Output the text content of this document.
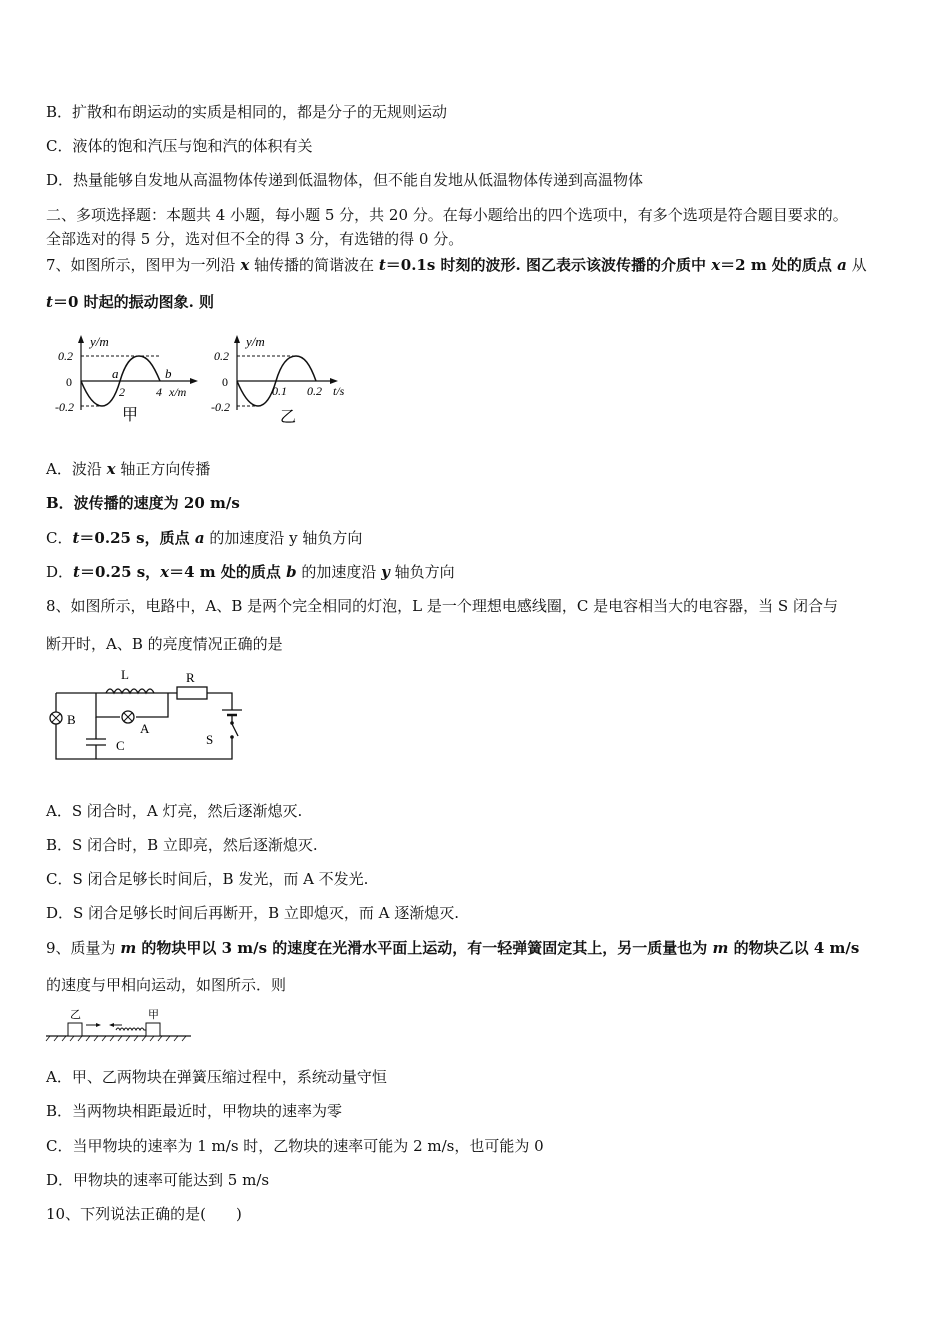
B．扩散和布朗运动的实质是相同的，都是分子的无规则运动
C．液体的饱和汽压与饱和汽的体积有关
D．热量能够自发地从高温物体传递到低温物体，但不能自发地从低温物体传递到高温物体
二、多项选择题：本题共 4 小题，每小题 5 分，共 20 分。在每小题给出的四个选项中，有多个选项是符合题目要求的。
全部选对的得 5 分，选对但不全的得 3 分，有选错的得 0 分。
7、如图所示，图甲为一列沿 x 轴传播的简谐波在 t＝0.1s 时刻的波形. 图乙表示该波传播的介质中 x＝2 m 处的质点 a 从
t＝0 时起的振动图象. 则
y/m
0.2
0
-0.2
a	b
2	4 x/m
甲
y/m
0.2
0
-0.2
0.1 0.2 t/s
乙
A．波沿 x 轴正方向传播
B．波传播的速度为 20 m/s
C．t＝0.25 s，质点 a 的加速度沿 y 轴负方向
D．t＝0.25 s，x＝4 m 处的质点 b 的加速度沿 y 轴负方向
8、如图所示，电路中，A、B 是两个完全相同的灯泡，L 是一个理想电感线圈，C 是电容相当大的电容器，当 S 闭合与
断开时，A、B 的亮度情况正确的是
L	R
A
B
C	S
A．S 闭合时，A 灯亮，然后逐渐熄灭.
B．S 闭合时，B 立即亮，然后逐渐熄灭.
C．S 闭合足够长时间后，B 发光，而 A 不发光.
D．S 闭合足够长时间后再断开，B 立即熄灭，而 A 逐渐熄灭.
9、质量为 m 的物块甲以 3 m/s 的速度在光滑水平面上运动，有一轻弹簧固定其上，另一质量也为 m 的物块乙以 4 m/s
的速度与甲相向运动，如图所示．则
乙	甲
A．甲、乙两物块在弹簧压缩过程中，系统动量守恒
B．当两物块相距最近时，甲物块的速率为零
C．当甲物块的速率为 1 m/s 时，乙物块的速率可能为 2 m/s，也可能为 0
D．甲物块的速率可能达到 5 m/s
10、下列说法正确的是(　　)
